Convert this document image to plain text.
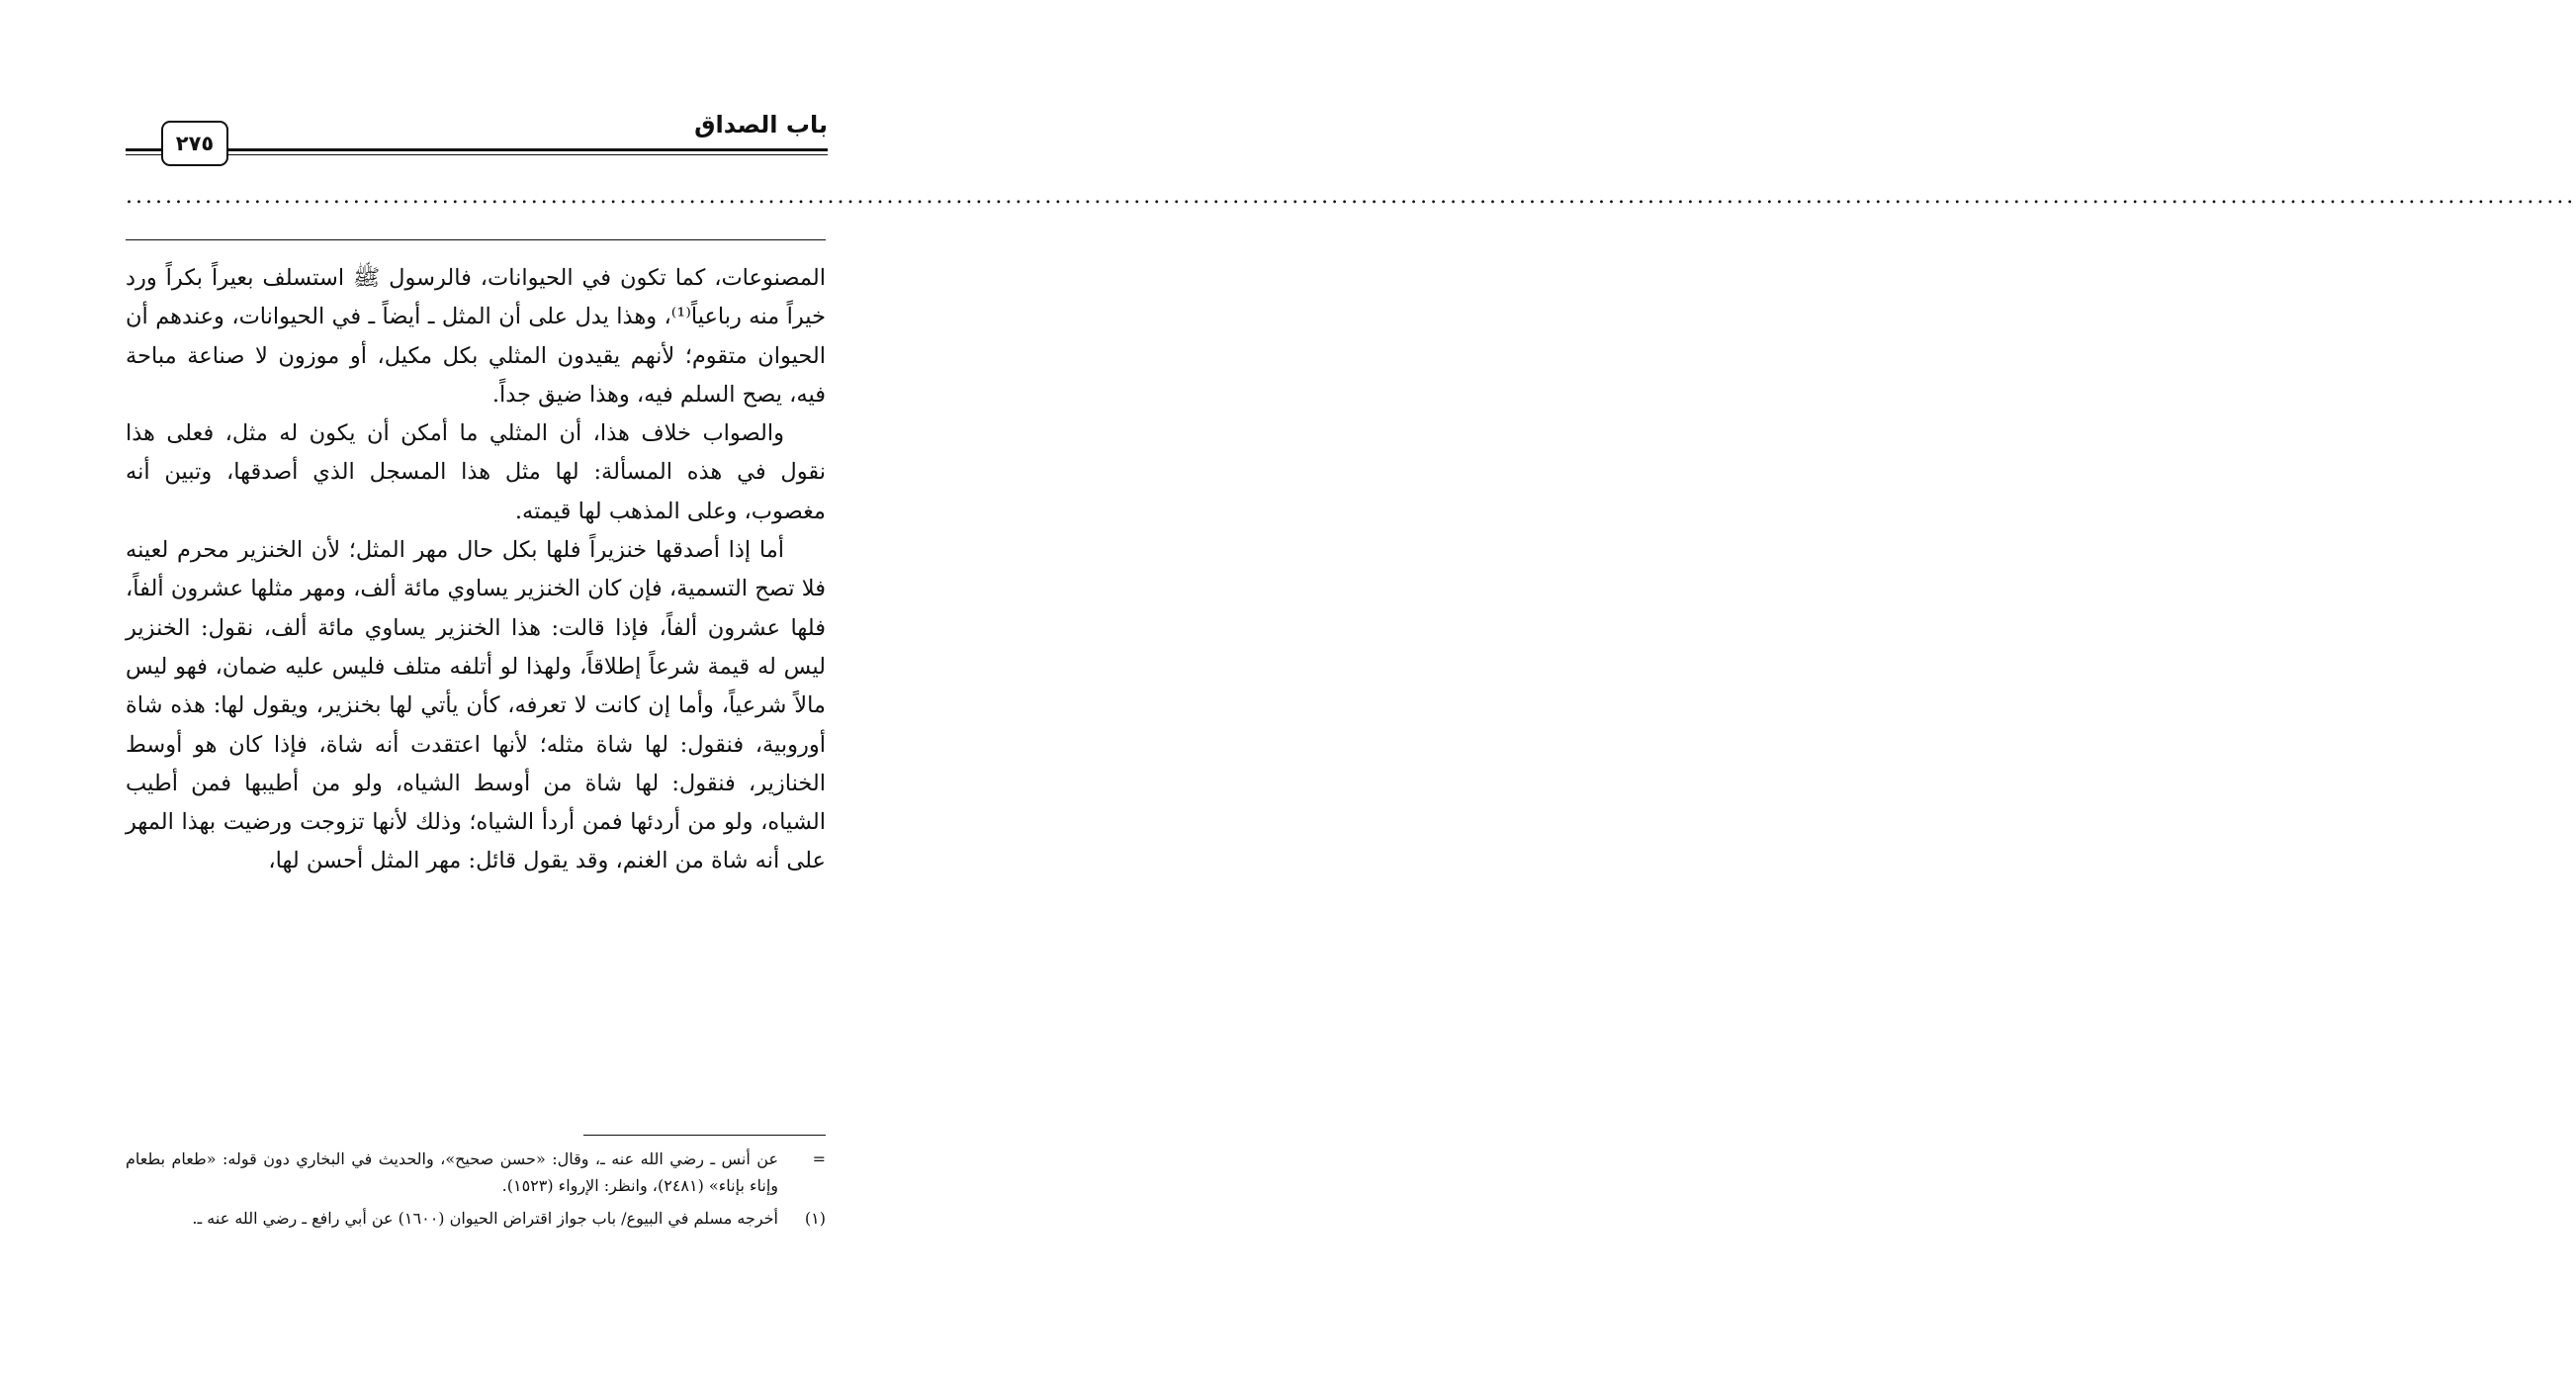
باب الصداق
٢٧٥
........................................................................................................................................................................................................................................................

المصنوعات، كما تكون في الحيوانات، فالرسول ﷺ استسلف بعيراً بكراً ورد خيراً منه رباعياً⁽¹⁾، وهذا يدل على أن المثل ـ أيضاً ـ في الحيوانات، وعندهم أن الحيوان متقوم؛ لأنهم يقيدون المثلي بكل مكيل، أو موزون لا صناعة مباحة فيه، يصح السلم فيه، وهذا ضيق جداً.

والصواب خلاف هذا، أن المثلي ما أمكن أن يكون له مثل، فعلى هذا نقول في هذه المسألة: لها مثل هذا المسجل الذي أصدقها، وتبين أنه مغصوب، وعلى المذهب لها قيمته.

أما إذا أصدقها خنزيراً فلها بكل حال مهر المثل؛ لأن الخنزير محرم لعينه فلا تصح التسمية، فإن كان الخنزير يساوي مائة ألف، ومهر مثلها عشرون ألفاً، فلها عشرون ألفاً، فإذا قالت: هذا الخنزير يساوي مائة ألف، نقول: الخنزير ليس له قيمة شرعاً إطلاقاً، ولهذا لو أتلفه متلف فليس عليه ضمان، فهو ليس مالاً شرعياً، وأما إن كانت لا تعرفه، كأن يأتي لها بخنزير، ويقول لها: هذه شاة أوروبية، فنقول: لها شاة مثله؛ لأنها اعتقدت أنه شاة، فإذا كان هو أوسط الخنازير، فنقول: لها شاة من أوسط الشياه، ولو من أطيبها فمن أطيب الشياه، ولو من أردئها فمن أردأ الشياه؛ وذلك لأنها تزوجت ورضيت بهذا المهر على أنه شاة من الغنم، وقد يقول قائل: مهر المثل أحسن لها،

=
عن أنس ـ رضي الله عنه ـ، وقال: «حسن صحيح»، والحديث في البخاري دون قوله: «طعام بطعام وإناء بإناء» (٢٤٨١)، وانظر: الإرواء (١٥٢٣).
(١)
أخرجه مسلم في البيوع/ باب جواز اقتراض الحيوان (١٦٠٠) عن أبي رافع ـ رضي الله عنه ـ.
